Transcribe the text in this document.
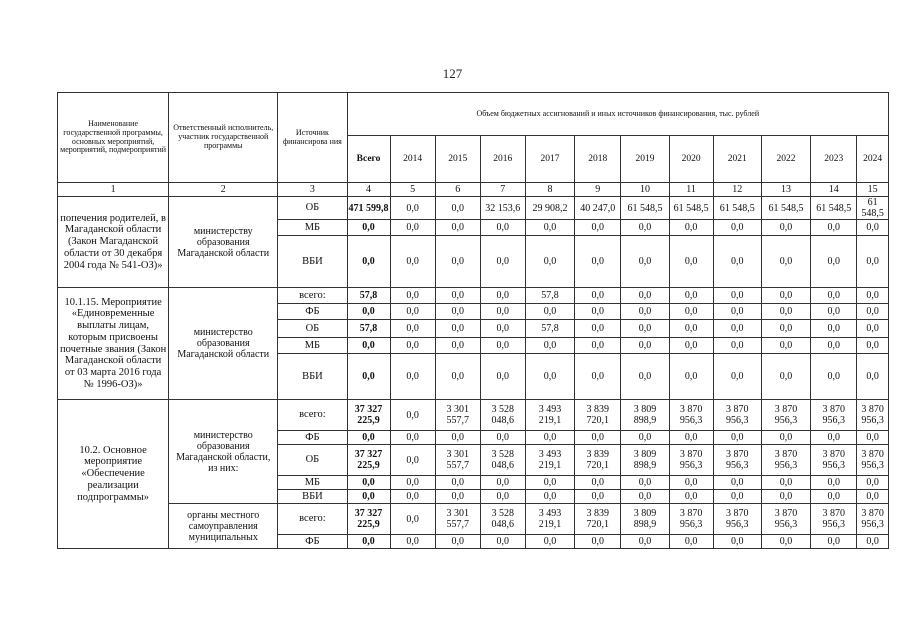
127
Наименование государственной программы, основных мероприятий, мероприятий, подмероприятий	Ответственный исполнитель, участник государственной программы	Источник финансирова ния	Объем бюджетных ассигнований и иных источников финансирования, тыс. рублей											
			Всего	2014	2015	2016	2017	2018	2019	2020	2021	2022	2023	2024
1	2	3	4	5	6	7	8	9	10	11	12	13	14	15
попечения родителей, в Магаданской области (Закон Магаданской области от 30 декабря 2004 года № 541-ОЗ)»	министерству образования Магаданской области	ОБ	471 599,8	0,0	0,0	32 153,6	29 908,2	40 247,0	61 548,5	61 548,5	61 548,5	61 548,5	61 548,5	61 548,5
		МБ	0,0	0,0	0,0	0,0	0,0	0,0	0,0	0,0	0,0	0,0	0,0	0,0
		ВБИ	0,0	0,0	0,0	0,0	0,0	0,0	0,0	0,0	0,0	0,0	0,0	0,0
10.1.15. Мероприятие «Единовременные выплаты лицам, которым присвоены почетные звания (Закон Магаданской области от 03 марта 2016 года № 1996-ОЗ)»	министерство образования Магаданской области	всего:	57,8	0,0	0,0	0,0	57,8	0,0	0,0	0,0	0,0	0,0	0,0	0,0
		ФБ	0,0	0,0	0,0	0,0	0,0	0,0	0,0	0,0	0,0	0,0	0,0	0,0
		ОБ	57,8	0,0	0,0	0,0	57,8	0,0	0,0	0,0	0,0	0,0	0,0	0,0
		МБ	0,0	0,0	0,0	0,0	0,0	0,0	0,0	0,0	0,0	0,0	0,0	0,0
		ВБИ	0,0	0,0	0,0	0,0	0,0	0,0	0,0	0,0	0,0	0,0	0,0	0,0
10.2. Основное мероприятие «Обеспечение реализации подпрограммы»	министерство образования Магаданской области, из них:	всего:	37 327 225,9	0,0	3 301 557,7	3 528 048,6	3 493 219,1	3 839 720,1	3 809 898,9	3 870 956,3	3 870 956,3	3 870 956,3	3 870 956,3	3 870 956,3
		ФБ	0,0	0,0	0,0	0,0	0,0	0,0	0,0	0,0	0,0	0,0	0,0	0,0
		ОБ	37 327 225,9	0,0	3 301 557,7	3 528 048,6	3 493 219,1	3 839 720,1	3 809 898,9	3 870 956,3	3 870 956,3	3 870 956,3	3 870 956,3	3 870 956,3
		МБ	0,0	0,0	0,0	0,0	0,0	0,0	0,0	0,0	0,0	0,0	0,0	0,0
		ВБИ	0,0	0,0	0,0	0,0	0,0	0,0	0,0	0,0	0,0	0,0	0,0	0,0
	органы местного самоуправления муниципальных	всего:	37 327 225,9	0,0	3 301 557,7	3 528 048,6	3 493 219,1	3 839 720,1	3 809 898,9	3 870 956,3	3 870 956,3	3 870 956,3	3 870 956,3	3 870 956,3
		ФБ	0,0	0,0	0,0	0,0	0,0	0,0	0,0	0,0	0,0	0,0	0,0	0,0
